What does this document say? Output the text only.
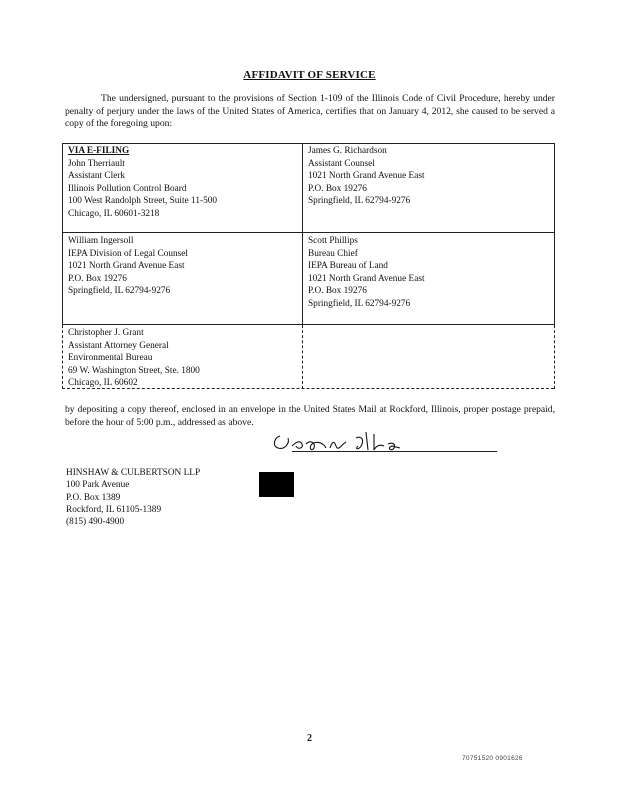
AFFIDAVIT OF SERVICE
The undersigned, pursuant to the provisions of Section 1-109 of the Illinois Code of Civil Procedure, hereby under penalty of perjury under the laws of the United States of America, certifies that on January 4, 2012, she caused to be served a copy of the foregoing upon:
VIA E-FILING
John Therriault
Assistant Clerk
Illinois Pollution Control Board
100 West Randolph Street, Suite 11-500
Chicago, IL 60601-3218
James G. Richardson
Assistant Counsel
1021 North Grand Avenue East
P.O. Box 19276
Springfield, IL 62794-9276
William Ingersoll
IEPA Division of Legal Counsel
1021 North Grand Avenue East
P.O. Box 19276
Springfield, IL 62794-9276
Scott Phillips
Bureau Chief
IEPA Bureau of Land
1021 North Grand Avenue East
P.O. Box 19276
Springfield, IL 62794-9276
Christopher J. Grant
Assistant Attorney General
Environmental Bureau
69 W. Washington Street, Ste. 1800
Chicago, IL 60602
by depositing a copy thereof, enclosed in an envelope in the United States Mail at Rockford, Illinois, proper postage prepaid, before the hour of 5:00 p.m., addressed as above.
HINSHAW & CULBERTSON LLP
100 Park Avenue
P.O. Box 1389
Rockford, IL 61105-1389
(815) 490-4900
2
70751520 0901626
